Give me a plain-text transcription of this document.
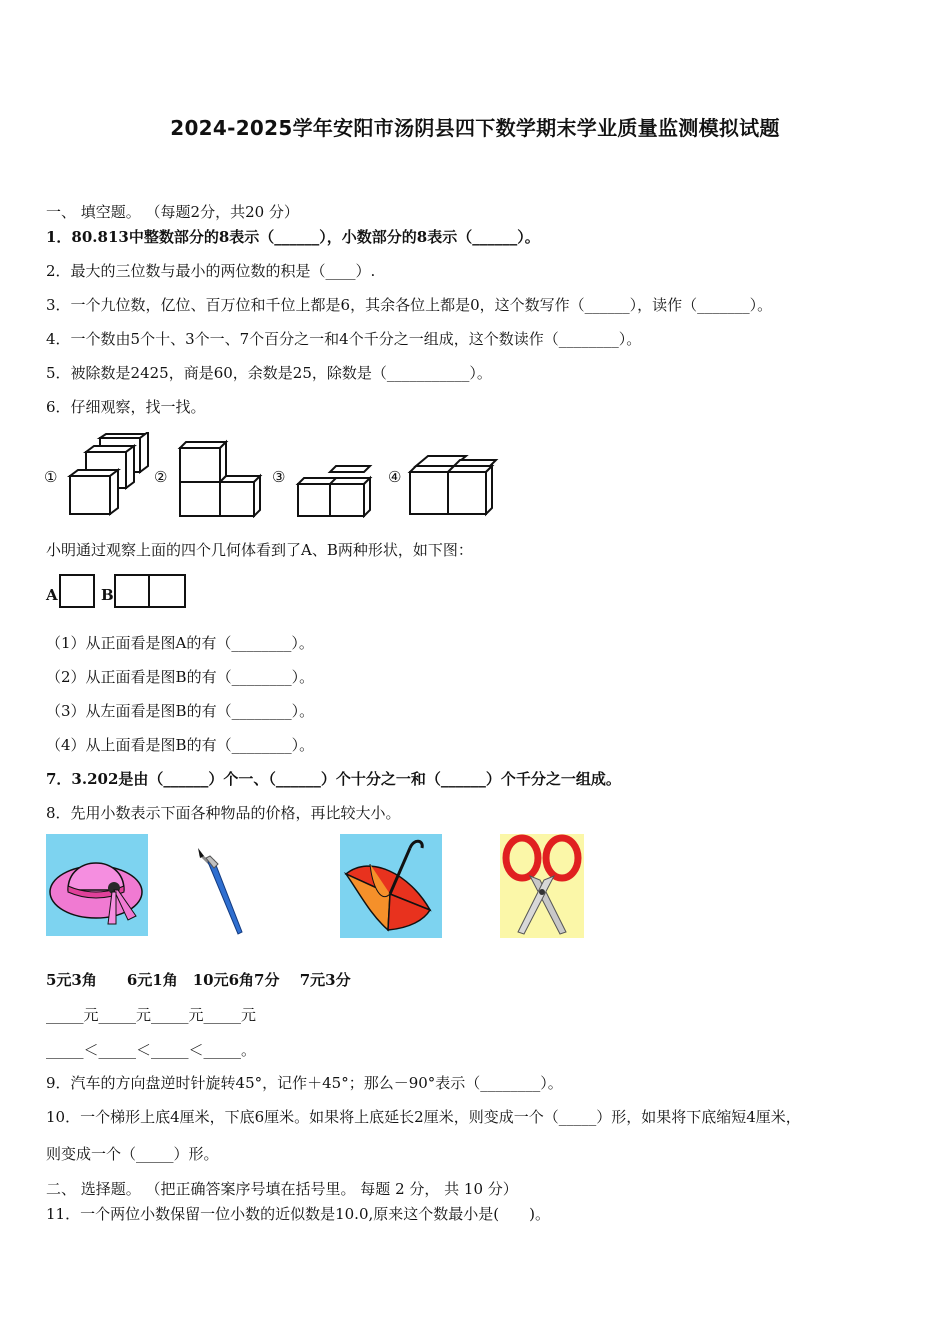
2024-2025学年安阳市汤阴县四下数学期末学业质量监测模拟试题
一、 填空题。 （每题2分，共20 分）
1．80.813中整数部分的8表示（______），小数部分的8表示（______）。
2．最大的三位数与最小的两位数的积是（____）.
3．一个九位数，亿位、百万位和千位上都是6，其余各位上都是0，这个数写作（______），读作（_______）。
4．一个数由5个十、3个一、7个百分之一和4个千分之一组成，这个数读作（________）。
5．被除数是2425，商是60，余数是25，除数是（___________）。
6．仔细观察，找一找。
①	②	③	④
小明通过观察上面的四个几何体看到了A、B两种形状，如下图：
A	B
（1）从正面看是图A的有（________）。
（2）从正面看是图B的有（________）。
（3）从左面看是图B的有（________）。
（4）从上面看是图B的有（________）。
7．3.202是由（______）个一、（______）个十分之一和（______）个千分之一组成。
8．先用小数表示下面各种物品的价格，再比较大小。
5元3角　　6元1角　10元6角7分　 7元3分
_____元_____元_____元_____元
_____＜_____＜_____＜_____。
9．汽车的方向盘逆时针旋转45°，记作＋45°；那么－90°表示（________）。
10．一个梯形上底4厘米，下底6厘米。如果将上底延长2厘米，则变成一个（_____）形，如果将下底缩短4厘米，
则变成一个（_____）形。
二、 选择题。 （把正确答案序号填在括号里。 每题 2 分， 共 10 分）
11．一个两位小数保留一位小数的近似数是10.0,原来这个数最小是(　　)。
